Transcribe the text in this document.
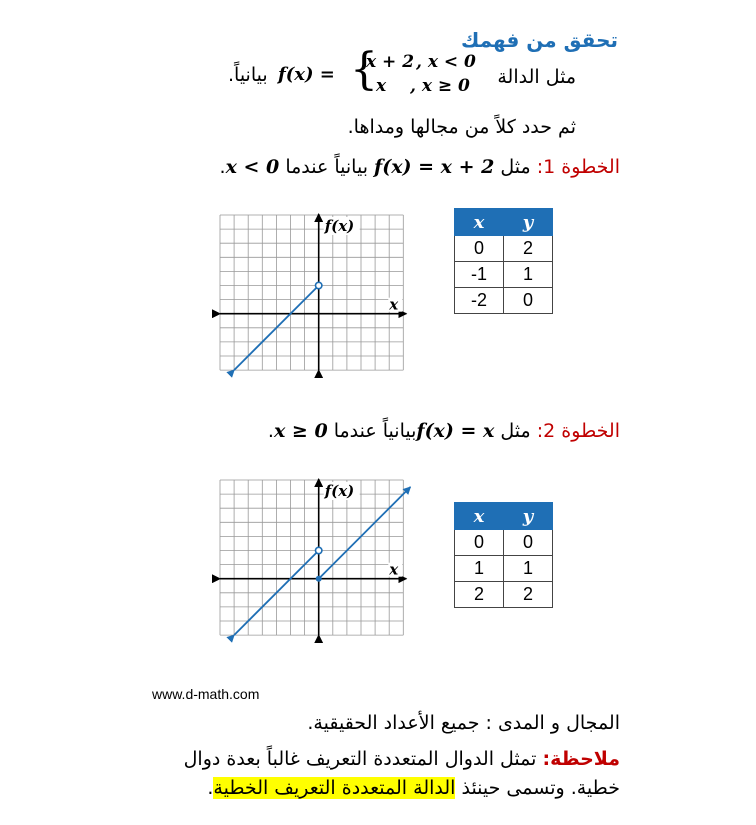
تحقق من فهمك
مثل الدالة
بيانياً. f(x) = {
x + 2 , x < 0
x , x ≥ 0
ثم حدد كلاً من مجالها ومداها.
الخطوة 1: مثل f(x) = x + 2 بيانياً عندما x < 0.
f(x)
x
x	y
0	2
-1	1
-2	0
الخطوة 2: مثل f(x) = xبيانياً عندما x ≥ 0.
f(x)
x
x	y
0	0
1	1
2	2
www.d-math.com
المجال و المدى : جميع الأعداد الحقيقية.
ملاحظة: تمثل الدوال المتعددة التعريف غالباً بعدة دوال
خطية. وتسمى حينئذ الدالة المتعددة التعريف الخطية.
